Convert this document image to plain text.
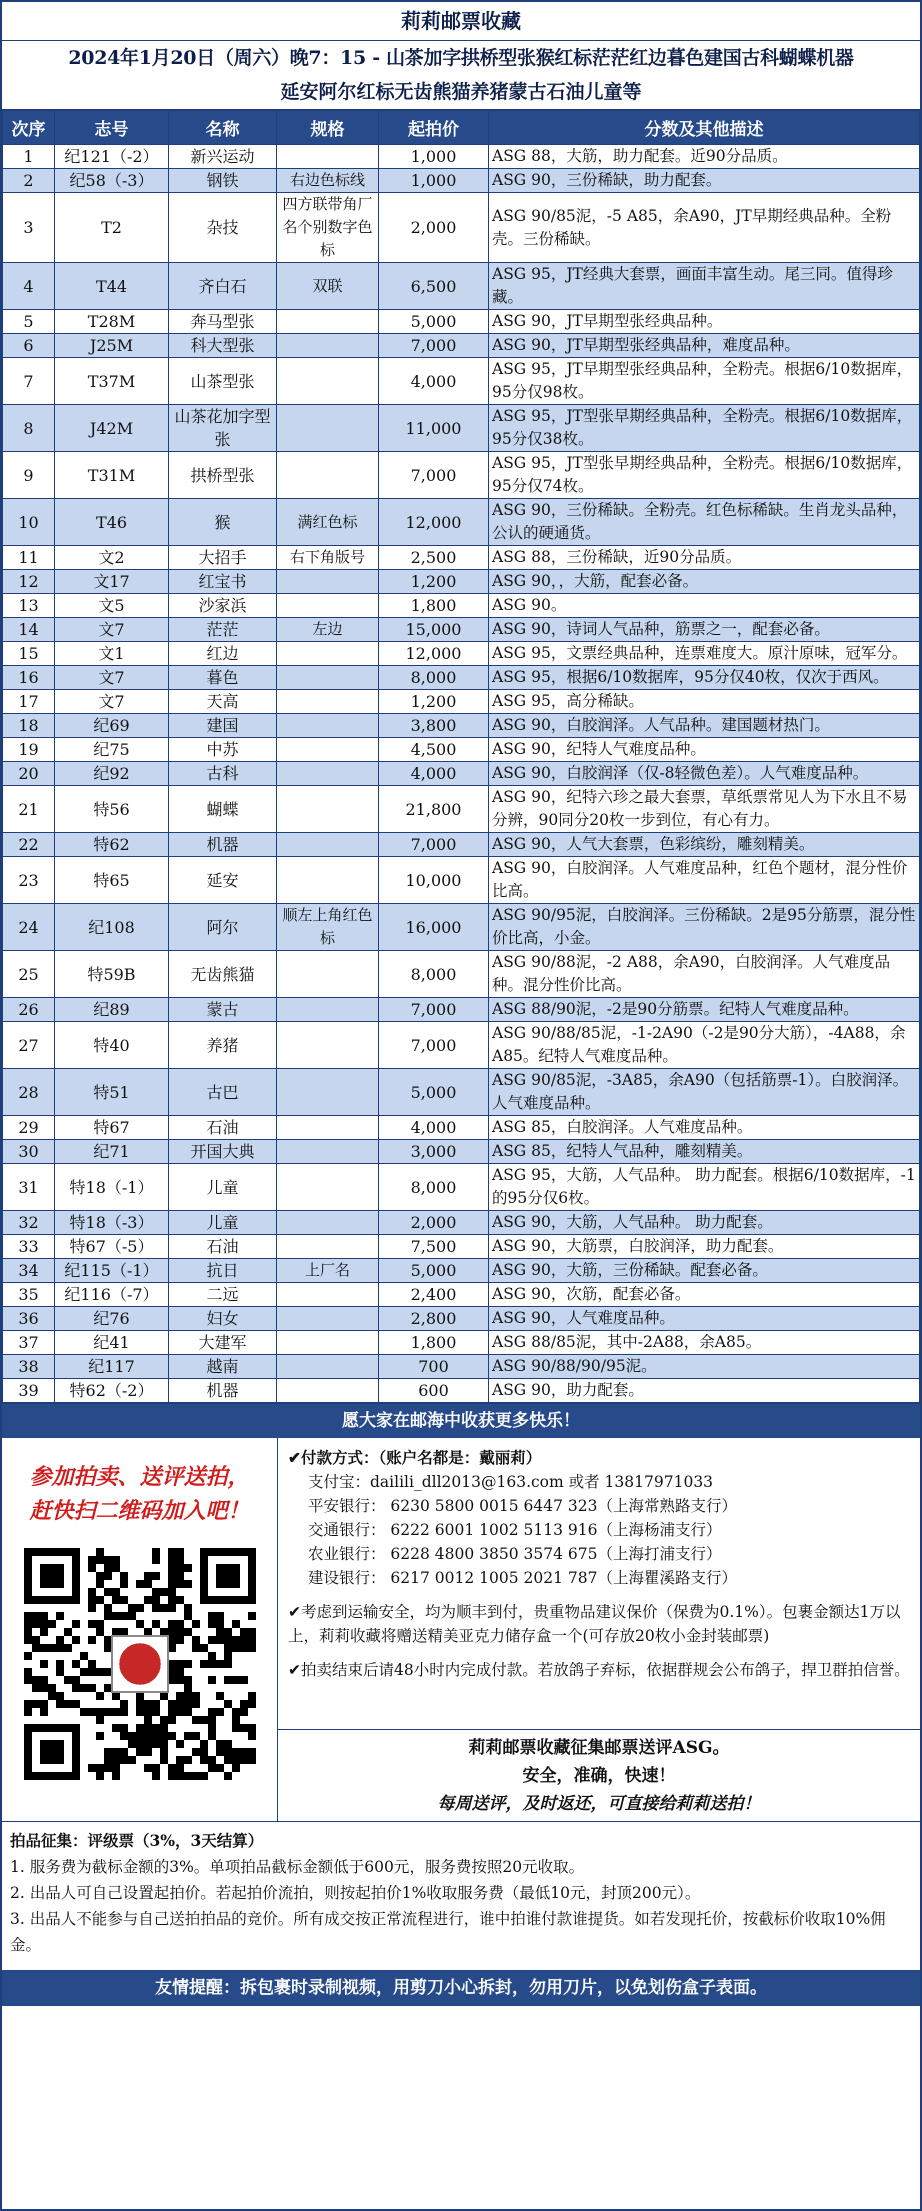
莉莉邮票收藏
2024年1月20日（周六）晚7：15 - 山茶加字拱桥型张猴红标茫茫红边暮色建国古科蝴蝶机器
延安阿尔红标无齿熊猫养猪蒙古石油儿童等
次序	志号	名称	规格	起拍价	分数及其他描述
1	纪121（-2）	新兴运动		1,000	ASG 88，大筋，助力配套。近90分品质。
2	纪58（-3）	钢铁	右边色标线	1,000	ASG 90，三份稀缺，助力配套。
3	T2	杂技	四方联带角厂名个别数字色标	2,000	ASG 90/85泥，-5 A85，余A90，JT早期经典品种。全粉壳。三份稀缺。
4	T44	齐白石	双联	6,500	ASG 95，JT经典大套票，画面丰富生动。尾三同。值得珍藏。
5	T28M	奔马型张		5,000	ASG 90，JT早期型张经典品种。
6	J25M	科大型张		7,000	ASG 90，JT早期型张经典品种，难度品种。
7	T37M	山茶型张		4,000	ASG 95，JT早期型张经典品种，全粉壳。根据6/10数据库，95分仅98枚。
8	J42M	山茶花加字型张		11,000	ASG 95，JT型张早期经典品种，全粉壳。根据6/10数据库，95分仅38枚。
9	T31M	拱桥型张		7,000	ASG 95，JT型张早期经典品种，全粉壳。根据6/10数据库，95分仅74枚。
10	T46	猴	满红色标	12,000	ASG 90，三份稀缺。全粉壳。红色标稀缺。生肖龙头品种，公认的硬通货。
11	文2	大招手	右下角版号	2,500	ASG 88，三份稀缺，近90分品质。
12	文17	红宝书		1,200	ASG 90，，大筋，配套必备。
13	文5	沙家浜		1,800	ASG 90。
14	文7	茫茫	左边	15,000	ASG 90，诗词人气品种，筋票之一，配套必备。
15	文1	红边		12,000	ASG 95，文票经典品种，连票难度大。原汁原味，冠军分。
16	文7	暮色		8,000	ASG 95，根据6/10数据库，95分仅40枚，仅次于西风。
17	文7	天高		1,200	ASG 95，高分稀缺。
18	纪69	建国		3,800	ASG 90，白胶润泽。人气品种。建国题材热门。
19	纪75	中苏		4,500	ASG 90，纪特人气难度品种。
20	纪92	古科		4,000	ASG 90，白胶润泽（仅-8轻微色差）。人气难度品种。
21	特56	蝴蝶		21,800	ASG 90，纪特六珍之最大套票，草纸票常见人为下水且不易分辨，90同分20枚一步到位，有心有力。
22	特62	机器		7,000	ASG 90，人气大套票，色彩缤纷，雕刻精美。
23	特65	延安		10,000	ASG 90，白胶润泽。人气难度品种，红色个题材，混分性价比高。
24	纪108	阿尔	顺左上角红色标	16,000	ASG 90/95泥，白胶润泽。三份稀缺。2是95分筋票，混分性价比高，小金。
25	特59B	无齿熊猫		8,000	ASG 90/88泥，-2 A88，余A90，白胶润泽。人气难度品种。混分性价比高。
26	纪89	蒙古		7,000	ASG 88/90泥，-2是90分筋票。纪特人气难度品种。
27	特40	养猪		7,000	ASG 90/88/85泥，-1-2A90（-2是90分大筋），-4A88，余A85。纪特人气难度品种。
28	特51	古巴		5,000	ASG 90/85泥，-3A85，余A90（包括筋票-1）。白胶润泽。人气难度品种。
29	特67	石油		4,000	ASG 85，白胶润泽。人气难度品种。
30	纪71	开国大典		3,000	ASG 85，纪特人气品种，雕刻精美。
31	特18（-1）	儿童		8,000	ASG 95，大筋，人气品种。 助力配套。根据6/10数据库，-1的95分仅6枚。
32	特18（-3）	儿童		2,000	ASG 90，大筋，人气品种。 助力配套。
33	特67（-5）	石油		7,500	ASG 90，大筋票，白胶润泽，助力配套。
34	纪115（-1）	抗日	上厂名	5,000	ASG 90，大筋，三份稀缺。配套必备。
35	纪116（-7）	二远		2,400	ASG 90，次筋，配套必备。
36	纪76	妇女		2,800	ASG 90，人气难度品种。
37	纪41	大建军		1,800	ASG 88/85泥，其中-2A88，余A85。
38	纪117	越南		700	ASG 90/88/90/95泥。
39	特62（-2）	机器		600	ASG 90，助力配套。
愿大家在邮海中收获更多快乐！
参加拍卖、送评送拍，
赶快扫二维码加入吧！
✔付款方式：（账户名都是：戴丽莉）
支付宝：dailili_dll2013@163.com 或者 13817971033
平安银行： 6230 5800 0015 6447 323（上海常熟路支行）
交通银行： 6222 6001 1002 5113 916（上海杨浦支行）
农业银行： 6228 4800 3850 3574 675（上海打浦支行）
建设银行： 6217 0012 1005 2021 787（上海瞿溪路支行）
✔考虑到运输安全，均为顺丰到付，贵重物品建议保价（保费为0.1%）。包裹金额达1万以上，莉莉收藏将赠送精美亚克力储存盒一个(可存放20枚小金封装邮票)
✔拍卖结束后请48小时内完成付款。若放鸽子弃标，依据群规会公布鸽子，捍卫群拍信誉。
莉莉邮票收藏征集邮票送评ASG。
安全，准确，快速！
每周送评，及时返还，可直接给莉莉送拍！
拍品征集：评级票（3%，3天结算）
1. 服务费为截标金额的3%。单项拍品截标金额低于600元，服务费按照20元收取。
2. 出品人可自己设置起拍价。若起拍价流拍，则按起拍价1%收取服务费（最低10元，封顶200元）。
3. 出品人不能参与自己送拍拍品的竞价。所有成交按正常流程进行，谁中拍谁付款谁提货。如若发现托价，按截标价收取10%佣金。
友情提醒：拆包裹时录制视频，用剪刀小心拆封，勿用刀片，以免划伤盒子表面。
